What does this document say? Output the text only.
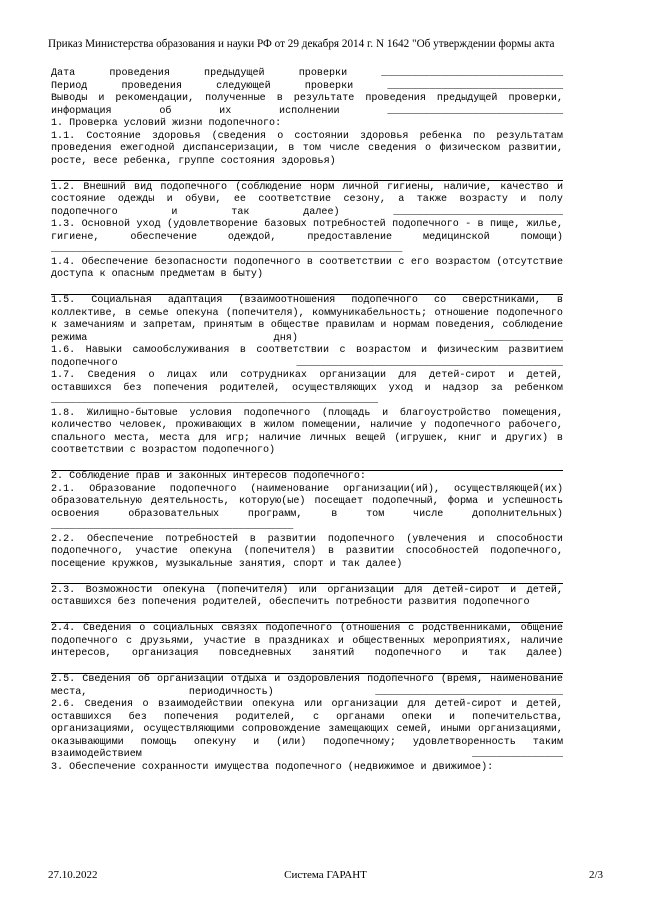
Приказ Министерства образования и науки РФ от 29 декабря 2014 г. N 1642 "Об утверждении формы акта

Дата проведения предыдущей проверки ______________________________

Период проведения следующей проверки _____________________________

Выводы и рекомендации, полученные в результате проведения предыдущей проверки, информация об их исполнении _____________________________

1. Проверка условий жизни подопечного:

1.1. Состояние здоровья (сведения о состоянии здоровья ребенка по результатам проведения ежегодной диспансеризации, в том числе сведения о физическом развитии, росте, весе ребенка, группе состояния здоровья)

1.2. Внешний вид подопечного (соблюдение норм личной гигиены, наличие, качество и состояние одежды и обуви, ее соответствие сезону, а также возрасту и полу подопечного и так далее) ____________________________

1.3. Основной уход (удовлетворение базовых потребностей подопечного - в пище, жилье, гигиене, обеспечение одеждой, предоставление медицинской помощи) __________________________________________________________

1.4. Обеспечение безопасности подопечного в соответствии с его возрастом (отсутствие доступа к опасным предметам в быту)

1.5. Социальная адаптация (взаимоотношения подопечного со сверстниками, в коллективе, в семье опекуна (попечителя), коммуникабельность; отношение подопечного к замечаниям и запретам, принятым в обществе правилам и нормам поведения, соблюдение режима дня) _____________

1.6. Навыки самообслуживания в соответствии с возрастом и физическим развитием подопечного ____________________________________________

1.7. Сведения о лицах или сотрудниках организации для детей-сирот и детей, оставшихся без попечения родителей, осуществляющих уход и надзор за ребенком ______________________________________________________

1.8. Жилищно-бытовые условия подопечного (площадь и благоустройство помещения, количество человек, проживающих в жилом помещении, наличие у подопечного рабочего, спального места, места для игр; наличие личных вещей (игрушек, книг и других) в соответствии с возрастом подопечного)

2. Соблюдение прав и законных интересов подопечного:

2.1. Образование подопечного (наименование организации(ий), осуществляющей(их) образовательную деятельность, которую(ые) посещает подопечный, форма и успешность освоения образовательных программ, в том числе дополнительных) ________________________________________

2.2. Обеспечение потребностей в развитии подопечного (увлечения и способности подопечного, участие опекуна (попечителя) в развитии способностей подопечного, посещение кружков, музыкальные занятия, спорт и так далее)

2.3. Возможности опекуна (попечителя) или организации для детей-сирот и детей, оставшихся без попечения родителей, обеспечить потребности развития подопечного

2.4. Сведения о социальных связях подопечного (отношения с родственниками, общение подопечного с друзьями, участие в праздниках и общественных мероприятиях, наличие интересов, организация повседневных занятий подопечного и так далее)

2.5. Сведения об организации отдыха и оздоровления подопечного (время, наименование места, периодичность) _______________________________

2.6. Сведения о взаимодействии опекуна или организации для детей-сирот и детей, оставшихся без попечения родителей, с органами опеки и попечительства, организациями, осуществляющими сопровождение замещающих семей, иными организациями, оказывающими помощь опекуну и (или) подопечному; удовлетворенность таким взаимодействием _______________

3. Обеспечение сохранности имущества подопечного (недвижимое и движимое):

27.10.2022	Система ГАРАНТ	2/3
